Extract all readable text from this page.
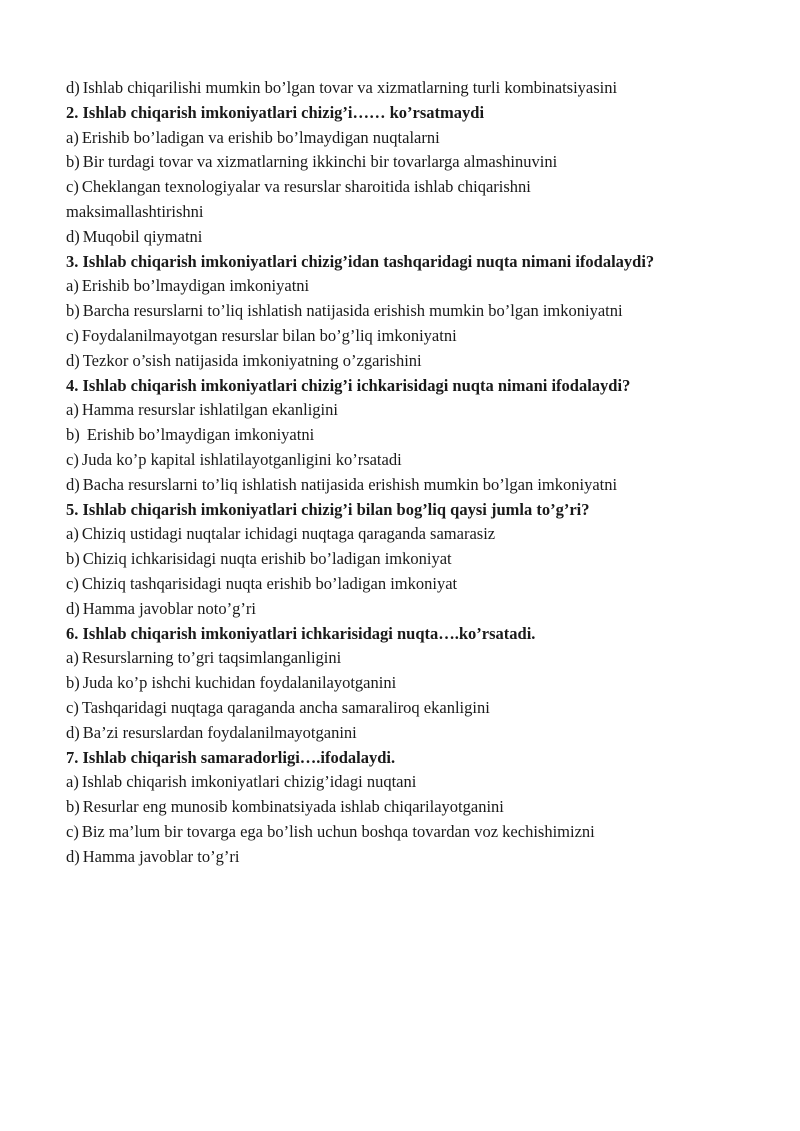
d) Ishlab chiqarilishi mumkin bo’lgan tovar va xizmatlarning turli kombinatsiyasini
2. Ishlab chiqarish imkoniyatlari chizig’i…… ko’rsatmaydi
a) Erishib bo’ladigan va erishib bo’lmaydigan nuqtalarni
b) Bir turdagi tovar va xizmatlarning ikkinchi bir tovarlarga almashinuvini
c) Cheklangan texnologiyalar va resurslar sharoitida ishlab chiqarishni
maksimallashtirishni
d) Muqobil qiymatni
3. Ishlab chiqarish imkoniyatlari chizig’idan tashqaridagi nuqta nimani ifodalaydi?
a) Erishib bo’lmaydigan imkoniyatni
b) Barcha resurslarni to’liq ishlatish natijasida erishish mumkin bo’lgan imkoniyatni
c) Foydalanilmayotgan resurslar bilan bo’g’liq imkoniyatni
d) Tezkor o’sish natijasida imkoniyatning o’zgarishini
4. Ishlab chiqarish imkoniyatlari chizig’i ichkarisidagi nuqta nimani ifodalaydi?
a) Hamma resurslar ishlatilgan ekanligini
b) Erishib bo’lmaydigan imkoniyatni
c) Juda ko’p kapital ishlatilayotganligini ko’rsatadi
d) Bacha resurslarni to’liq ishlatish natijasida erishish mumkin bo’lgan imkoniyatni
5. Ishlab chiqarish imkoniyatlari chizig’i bilan bog’liq qaysi jumla to’g’ri?
a) Chiziq ustidagi nuqtalar ichidagi nuqtaga qaraganda samarasiz
b) Chiziq ichkarisidagi nuqta erishib bo’ladigan imkoniyat
c) Chiziq tashqarisidagi nuqta erishib bo’ladigan imkoniyat
d) Hamma javoblar noto’g’ri
6. Ishlab chiqarish imkoniyatlari ichkarisidagi nuqta….ko’rsatadi.
a) Resurslarning to’gri taqsimlanganligini
b) Juda ko’p ishchi kuchidan foydalanilayotganini
c) Tashqaridagi nuqtaga qaraganda ancha samaraliroq ekanligini
d) Ba’zi resurslardan foydalanilmayotganini
7. Ishlab chiqarish samaradorligi….ifodalaydi.
a) Ishlab chiqarish imkoniyatlari chizig’idagi nuqtani
b) Resurlar eng munosib kombinatsiyada ishlab chiqarilayotganini
c) Biz ma’lum bir tovarga ega bo’lish uchun boshqa tovardan voz kechishimizni
d) Hamma javoblar to’g’ri
